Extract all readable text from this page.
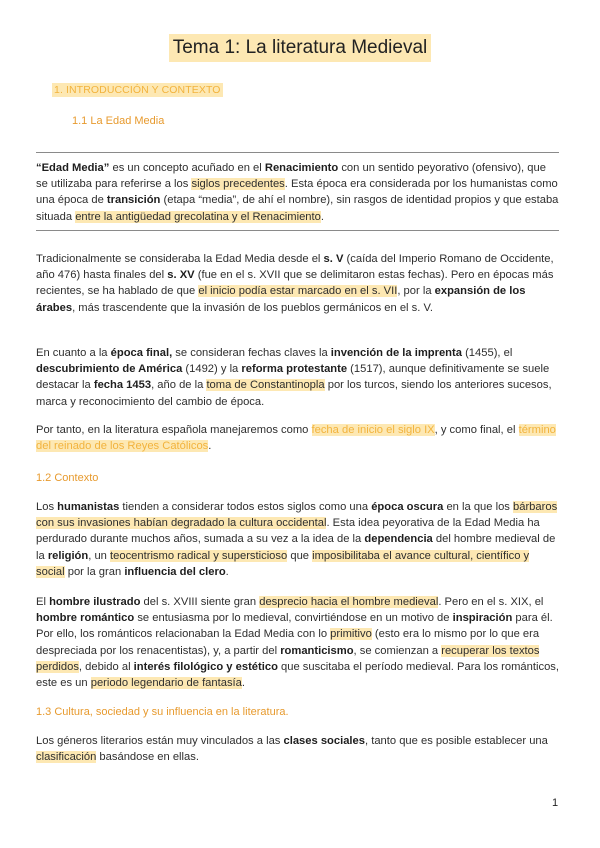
Tema 1: La literatura Medieval
1. INTRODUCCIÓN Y CONTEXTO
1.1 La Edad Media
“Edad Media” es un concepto acuñado en el Renacimiento con un sentido peyorativo (ofensivo), que se utilizaba para referirse a los siglos precedentes. Esta época era considerada por los humanistas como una época de transición (etapa “media”, de ahí el nombre), sin rasgos de identidad propios y que estaba situada entre la antigüedad grecolatina y el Renacimiento.
Tradicionalmente se consideraba la Edad Media desde el s. V (caída del Imperio Romano de Occidente, año 476) hasta finales del s. XV (fue en el s. XVII que se delimitaron estas fechas). Pero en épocas más recientes, se ha hablado de que el inicio podía estar marcado en el s. VII, por la expansión de los árabes, más trascendente que la invasión de los pueblos germánicos en el s. V.
En cuanto a la época final, se consideran fechas claves la invención de la imprenta (1455), el descubrimiento de América (1492) y la reforma protestante (1517), aunque definitivamente se suele destacar la fecha 1453, año de la toma de Constantinopla por los turcos, siendo los anteriores sucesos, marca y reconocimiento del cambio de época.
Por tanto, en la literatura española manejaremos como fecha de inicio el siglo IX, y como final, el término del reinado de los Reyes Católicos.
1.2 Contexto
Los humanistas tienden a considerar todos estos siglos como una época oscura en la que los bárbaros con sus invasiones habían degradado la cultura occidental. Esta idea peyorativa de la Edad Media ha perdurado durante muchos años, sumada a su vez a la idea de la dependencia del hombre medieval de la religión, un teocentrismo radical y supersticioso que imposibilitaba el avance cultural, científico y social por la gran influencia del clero.
El hombre ilustrado del s. XVIII siente gran desprecio hacia el hombre medieval. Pero en el s. XIX, el hombre romántico se entusiasma por lo medieval, convirtiéndose en un motivo de inspiración para él. Por ello, los románticos relacionaban la Edad Media con lo primitivo (esto era lo mismo por lo que era despreciada por los renacentistas), y, a partir del romanticismo, se comienzan a recuperar los textos perdidos, debido al interés filológico y estético que suscitaba el período medieval. Para los románticos, este es un periodo legendario de fantasía.
1.3 Cultura, sociedad y su influencia en la literatura.
Los géneros literarios están muy vinculados a las clases sociales, tanto que es posible establecer una clasificación basándose en ellas.
1
